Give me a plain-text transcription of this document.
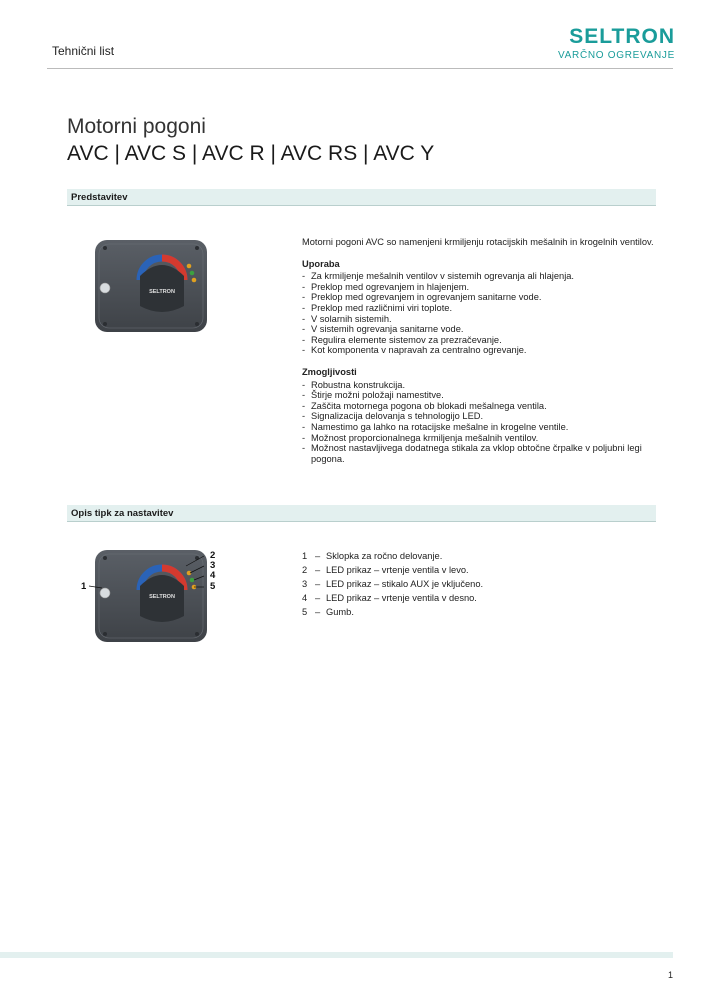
Tehnični list
SELTRON
VARČNO OGREVANJE
Motorni pogoni
AVC | AVC S | AVC R | AVC RS | AVC Y
Predstavitev
SELTRON
Motorni pogoni AVC so namenjeni krmiljenju rotacijskih mešalnih in krogelnih ventilov.
Uporaba
- Za krmiljenje mešalnih ventilov v sistemih ogrevanja ali hlajenja.
- Preklop med ogrevanjem in hlajenjem.
- Preklop med ogrevanjem in ogrevanjem sanitarne vode.
- Preklop med različnimi viri toplote.
- V solarnih sistemih.
- V sistemih ogrevanja sanitarne vode.
- Regulira elemente sistemov za prezračevanje.
- Kot komponenta v napravah za centralno ogrevanje.
Zmogljivosti
- Robustna konstrukcija.
- Štirje možni položaji namestitve.
- Zaščita motornega pogona ob blokadi mešalnega ventila.
- Signalizacija delovanja s tehnologijo LED.
- Namestimo ga lahko na rotacijske mešalne in krogelne ventile.
- Možnost proporcionalnega krmiljenja mešalnih ventilov.
- Možnost nastavljivega dodatnega stikala za vklop obtočne črpalke v poljubni legi pogona.
Opis tipk za nastavitev
SELTRON
1
2
3
4
5
1 – Sklopka za ročno delovanje.
2 – LED prikaz – vrtenje ventila v levo.
3 – LED prikaz – stikalo AUX je vključeno.
4 – LED prikaz – vrtenje ventila v desno.
5 – Gumb.
1
